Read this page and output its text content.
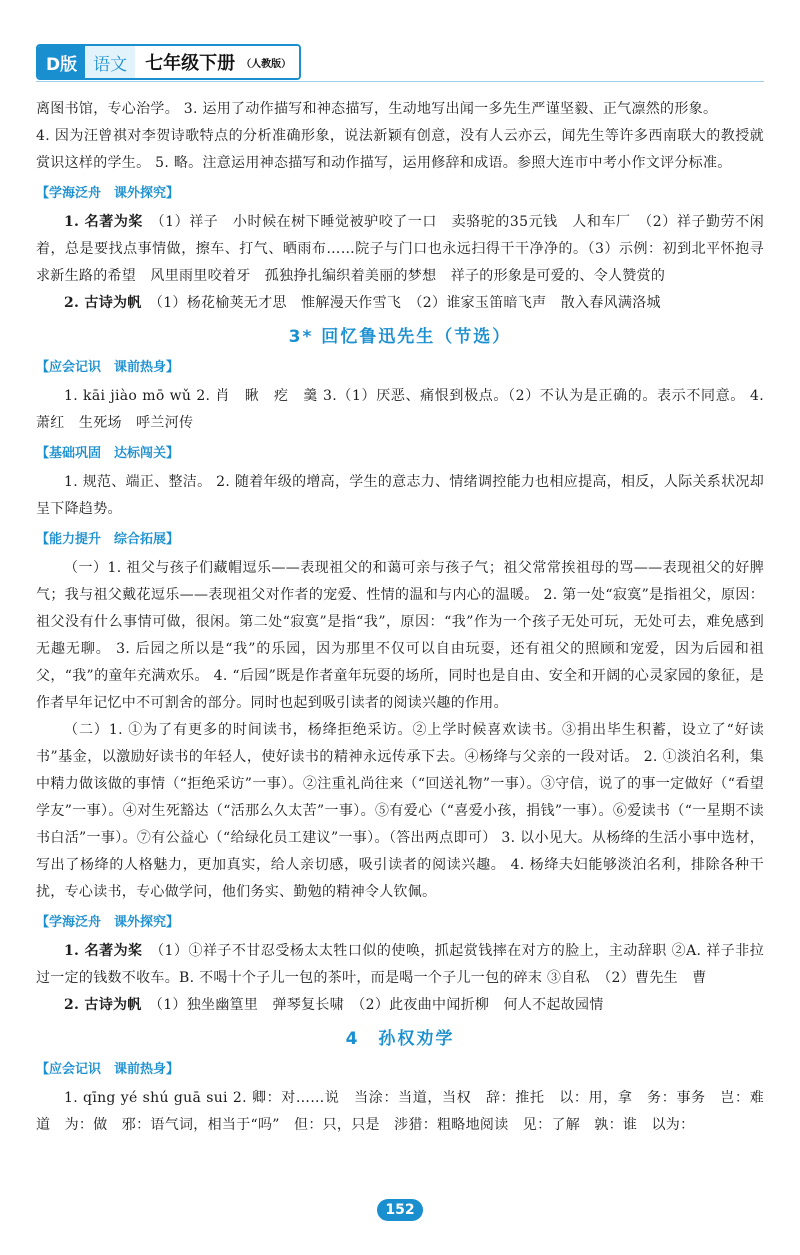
D版 语文	七年级下册 （人教版）

离图书馆，专心治学。 3. 运用了动作描写和神态描写，生动地写出闻一多先生严谨坚毅、正气凛然的形象。

4. 因为汪曾祺对李贺诗歌特点的分析准确形象，说法新颖有创意，没有人云亦云，闻先生等许多西南联大的教授就赏识这样的学生。 5. 略。注意运用神态描写和动作描写，运用修辞和成语。参照大连市中考小作文评分标准。

【学海泛舟　课外探究】

1. 名著为桨　 （1）祥子　小时候在树下睡觉被驴咬了一口　卖骆驼的35元钱　人和车厂　（2）祥子勤劳不闲着，总是要找点事情做，擦车、打气、晒雨布……院子与门口也永远扫得干干净净的。（3）示例：初到北平怀抱寻求新生路的希望　风里雨里咬着牙　孤独挣扎编织着美丽的梦想　祥子的形象是可爱的、令人赞赏的

2. 古诗为帆　 （1）杨花榆荚无才思　惟解漫天作雪飞　（2）谁家玉笛暗飞声　散入春风满洛城

3* 回忆鲁迅先生（节选）
【应会记识　课前热身】

1. kāi jiào mō wǔ 2. 肖　瞅　疙　羹 3.（1）厌恶、痛恨到极点。（2）不认为是正确的。表示不同意。 4. 萧红　生死场　呼兰河传

【基础巩固　达标闯关】

1. 规范、端正、整洁。 2. 随着年级的增高，学生的意志力、情绪调控能力也相应提高，相反，人际关系状况却呈下降趋势。

【能力提升　综合拓展】

（一）1. 祖父与孩子们藏帽逗乐——表现祖父的和蔼可亲与孩子气；祖父常常挨祖母的骂——表现祖父的好脾气；我与祖父戴花逗乐——表现祖父对作者的宠爱、性情的温和与内心的温暖。 2. 第一处“寂寞”是指祖父，原因：祖父没有什么事情可做，很闲。第二处“寂寞”是指“我”，原因：“我”作为一个孩子无处可玩，无处可去，难免感到无趣无聊。 3. 后园之所以是“我”的乐园，因为那里不仅可以自由玩耍，还有祖父的照顾和宠爱，因为后园和祖父，“我”的童年充满欢乐。 4. “后园”既是作者童年玩耍的场所，同时也是自由、安全和开阔的心灵家园的象征，是作者早年记忆中不可割舍的部分。同时也起到吸引读者的阅读兴趣的作用。

（二）1. ①为了有更多的时间读书，杨绛拒绝采访。②上学时候喜欢读书。③捐出毕生积蓄，设立了“好读书”基金，以激励好读书的年轻人，使好读书的精神永远传承下去。④杨绛与父亲的一段对话。 2. ①淡泊名利，集中精力做该做的事情（“拒绝采访”一事）。②注重礼尚往来（“回送礼物”一事）。③守信，说了的事一定做好（“看望学友”一事）。④对生死豁达（“活那么久太苦”一事）。⑤有爱心（“喜爱小孩，捐钱”一事）。⑥爱读书（“一星期不读书白活”一事）。⑦有公益心（“给绿化员工建议”一事）。（答出两点即可） 3. 以小见大。从杨绛的生活小事中选材，写出了杨绛的人格魅力，更加真实，给人亲切感，吸引读者的阅读兴趣。 4. 杨绛夫妇能够淡泊名利，排除各种干扰，专心读书，专心做学问，他们务实、勤勉的精神令人钦佩。

【学海泛舟　课外探究】

1. 名著为桨　 （1）①祥子不甘忍受杨太太牲口似的使唤，抓起赏钱摔在对方的脸上，主动辞职 ②A. 祥子非拉过一定的钱数不收车。B. 不喝十个子儿一包的茶叶，而是喝一个子儿一包的碎末 ③自私　（2）曹先生　曹

2. 古诗为帆　 （1）独坐幽篁里　弹琴复长啸　（2）此夜曲中闻折柳　何人不起故园情

4　孙权劝学
【应会记识　课前热身】

1. qīng yé shú guā sui 2. 卿：对……说　当涂：当道，当权　辞：推托　以：用，拿　务：事务　岂：难道　为：做　邪：语气词，相当于“吗”　但：只，只是　涉猎：粗略地阅读　见：了解　孰：谁　以为：

152
